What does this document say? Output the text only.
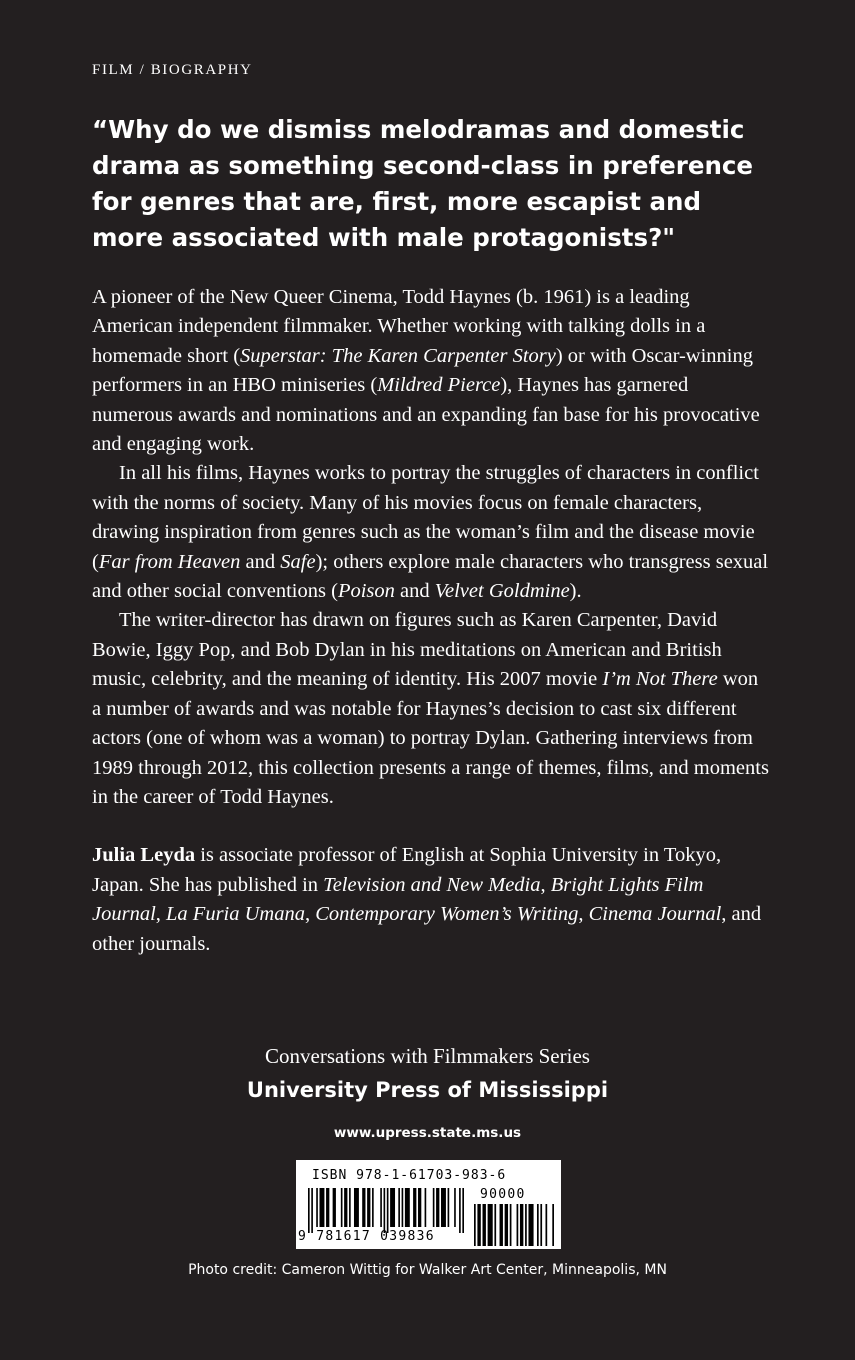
FILM / BIOGRAPHY

“Why do we dismiss melodramas and domestic drama as something second-class in preference for genres that are, first, more escapist and more associated with male protagonists?"

A pioneer of the New Queer Cinema, Todd Haynes (b. 1961) is a leading American independent filmmaker. Whether working with talking dolls in a homemade short (Superstar: The Karen Carpenter Story) or with Oscar-winning performers in an HBO miniseries (Mildred Pierce), Haynes has garnered numerous awards and nominations and an expanding fan base for his provocative and engaging work.

In all his films, Haynes works to portray the struggles of characters in conflict with the norms of society. Many of his movies focus on female characters, drawing inspiration from genres such as the woman’s film and the disease movie (Far from Heaven and Safe); others explore male characters who transgress sexual and other social conventions (Poison and Velvet Goldmine).

The writer-director has drawn on figures such as Karen Carpenter, David Bowie, Iggy Pop, and Bob Dylan in his meditations on American and British music, celebrity, and the meaning of identity. His 2007 movie I’m Not There won a number of awards and was notable for Haynes’s decision to cast six different actors (one of whom was a woman) to portray Dylan. Gathering interviews from 1989 through 2012, this collection presents a range of themes, films, and moments in the career of Todd Haynes.

Julia Leyda is associate professor of English at Sophia University in Tokyo, Japan. She has published in Television and New Media, Bright Lights Film Journal, La Furia Umana, Contemporary Women’s Writing, Cinema Journal, and other journals.

Conversations with Filmmakers Series
University Press of Mississippi
www.upress.state.ms.us
ISBN 978-1-61703-983-6
9 781617 039836
90000
Photo credit: Cameron Wittig for Walker Art Center, Minneapolis, MN
